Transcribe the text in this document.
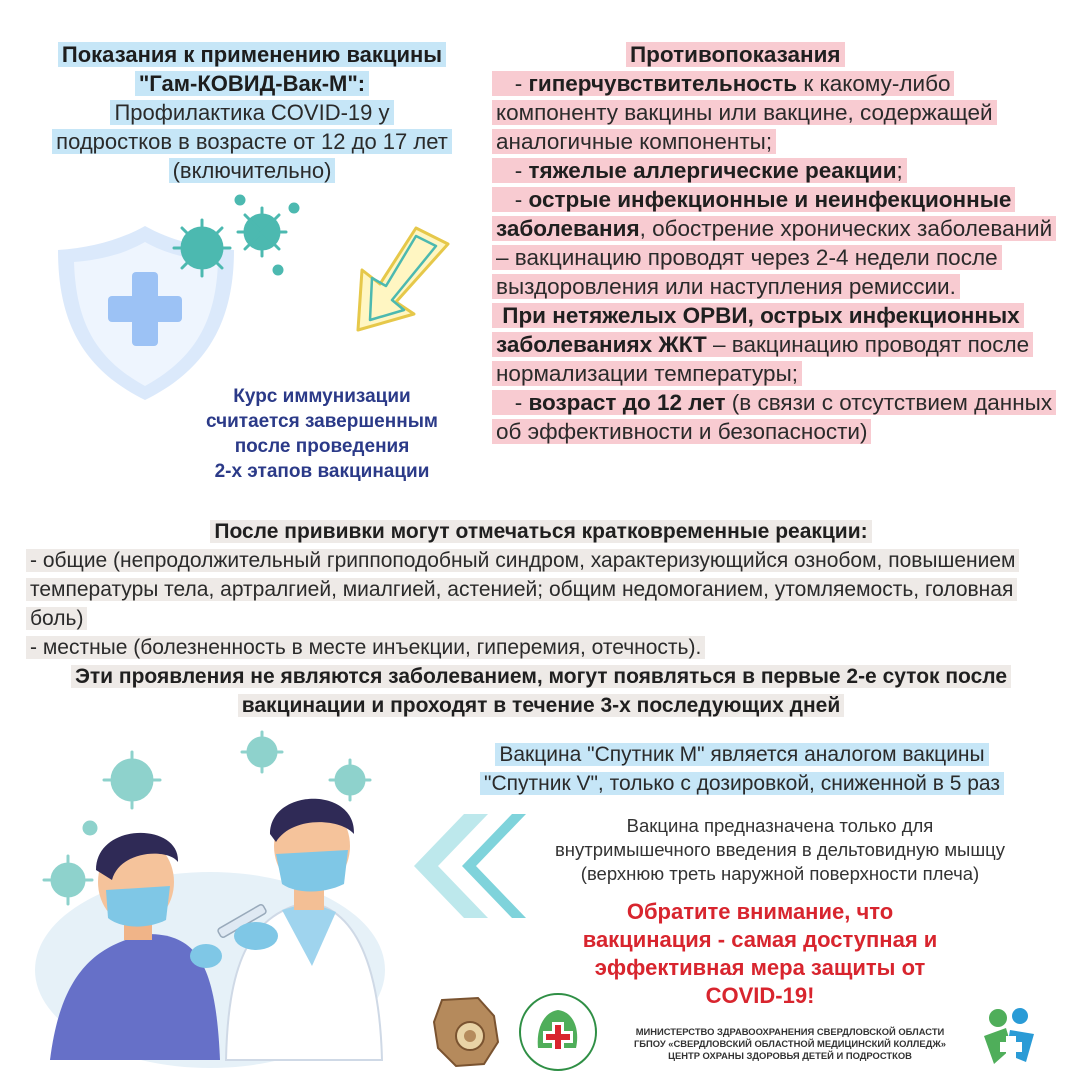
Показания к применению вакцины
"Гам-КОВИД-Вак-М":
Профилактика COVID-19 у
подростков в возрасте от 12 до 17 лет
(включительно)
Курс иммунизации
считается завершенным
после проведения
2-х этапов вакцинации

Противопоказания

- гиперчувствительность к какому-либо компоненту вакцины или вакцине, содержащей аналогичные компоненты;

- тяжелые аллергические реакции;

- острые инфекционные и неинфекционные заболевания, обострение хронических заболеваний – вакцинацию проводят через 2-4 недели после выздоровления или наступления ремиссии.

При нетяжелых ОРВИ, острых инфекционных заболеваниях ЖКТ – вакцинацию проводят после нормализации температуры;

- возраст до 12 лет (в связи с отсутствием данных об эффективности и безопасности)

После прививки могут отмечаться кратковременные реакции:

- общие (непродолжительный гриппоподобный синдром, характеризующийся ознобом, повышением температуры тела, артралгией, миалгией, астенией; общим недомоганием, утомляемость, головная боль)

- местные (болезненность в месте инъекции, гиперемия, отечность).

Эти проявления не являются заболеванием, могут появляться в первые 2-е суток после вакцинации и проходят в течение 3-х последующих дней

Вакцина "Спутник М" является аналогом вакцины
"Спутник V", только с дозировкой, сниженной в 5 раз
Вакцина предназначена только для
внутримышечного введения в дельтовидную мышцу
(верхнюю треть наружной поверхности плеча)
Обратите внимание, что
вакцинация - самая доступная и
эффективная мера защиты от
COVID-19!
МИНИСТЕРСТВО ЗДРАВООХРАНЕНИЯ СВЕРДЛОВСКОЙ ОБЛАСТИ
ГБПОУ «СВЕРДЛОВСКИЙ ОБЛАСТНОЙ МЕДИЦИНСКИЙ КОЛЛЕДЖ»
ЦЕНТР ОХРАНЫ ЗДОРОВЬЯ ДЕТЕЙ И ПОДРОСТКОВ
